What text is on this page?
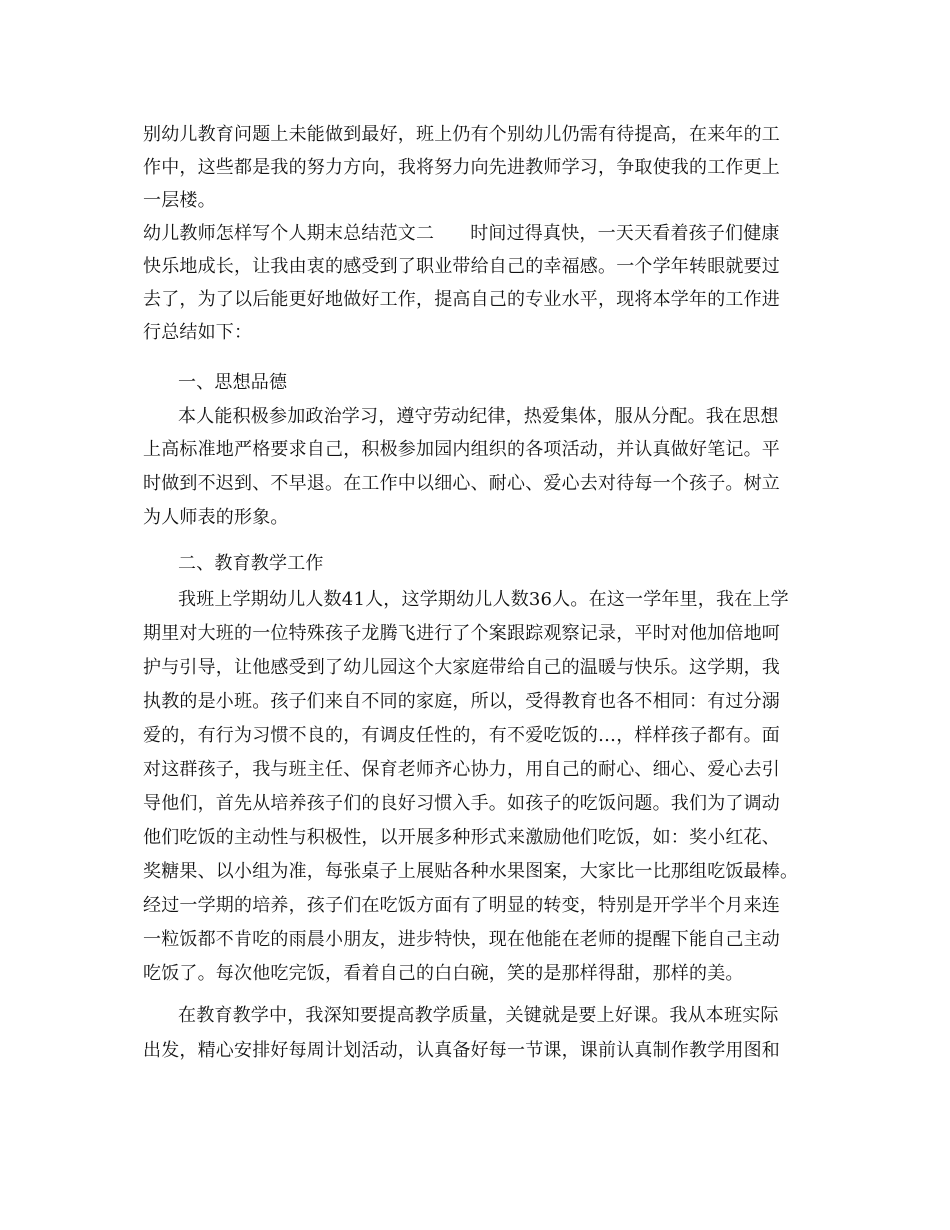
别幼儿教育问题上未能做到最好，班上仍有个别幼儿仍需有待提高，在来年的工
作中，这些都是我的努力方向，我将努力向先进教师学习，争取使我的工作更上
一层楼。
幼儿教师怎样写个人期末总结范文二 时间过得真快，一天天看着孩子们健康
快乐地成长，让我由衷的感受到了职业带给自己的幸福感。一个学年转眼就要过
去了，为了以后能更好地做好工作，提高自己的专业水平，现将本学年的工作进
行总结如下：
一、思想品德
本人能积极参加政治学习，遵守劳动纪律，热爱集体，服从分配。我在思想
上高标准地严格要求自己，积极参加园内组织的各项活动，并认真做好笔记。平
时做到不迟到、不早退。在工作中以细心、耐心、爱心去对待每一个孩子。树立
为人师表的形象。
二、教育教学工作
我班上学期幼儿人数41人，这学期幼儿人数36人。在这一学年里，我在上学
期里对大班的一位特殊孩子龙腾飞进行了个案跟踪观察记录，平时对他加倍地呵
护与引导，让他感受到了幼儿园这个大家庭带给自己的温暖与快乐。这学期，我
执教的是小班。孩子们来自不同的家庭，所以，受得教育也各不相同：有过分溺
爱的，有行为习惯不良的，有调皮任性的，有不爱吃饭的…，样样孩子都有。面
对这群孩子，我与班主任、保育老师齐心协力，用自己的耐心、细心、爱心去引
导他们，首先从培养孩子们的良好习惯入手。如孩子的吃饭问题。我们为了调动
他们吃饭的主动性与积极性，以开展多种形式来激励他们吃饭，如：奖小红花、
奖糖果、以小组为准，每张桌子上展贴各种水果图案，大家比一比那组吃饭最棒。
经过一学期的培养，孩子们在吃饭方面有了明显的转变，特别是开学半个月来连
一粒饭都不肯吃的雨晨小朋友，进步特快，现在他能在老师的提醒下能自己主动
吃饭了。每次他吃完饭，看着自己的白白碗，笑的是那样得甜，那样的美。
在教育教学中，我深知要提高教学质量，关键就是要上好课。我从本班实际
出发，精心安排好每周计划活动，认真备好每一节课，课前认真制作教学用图和
